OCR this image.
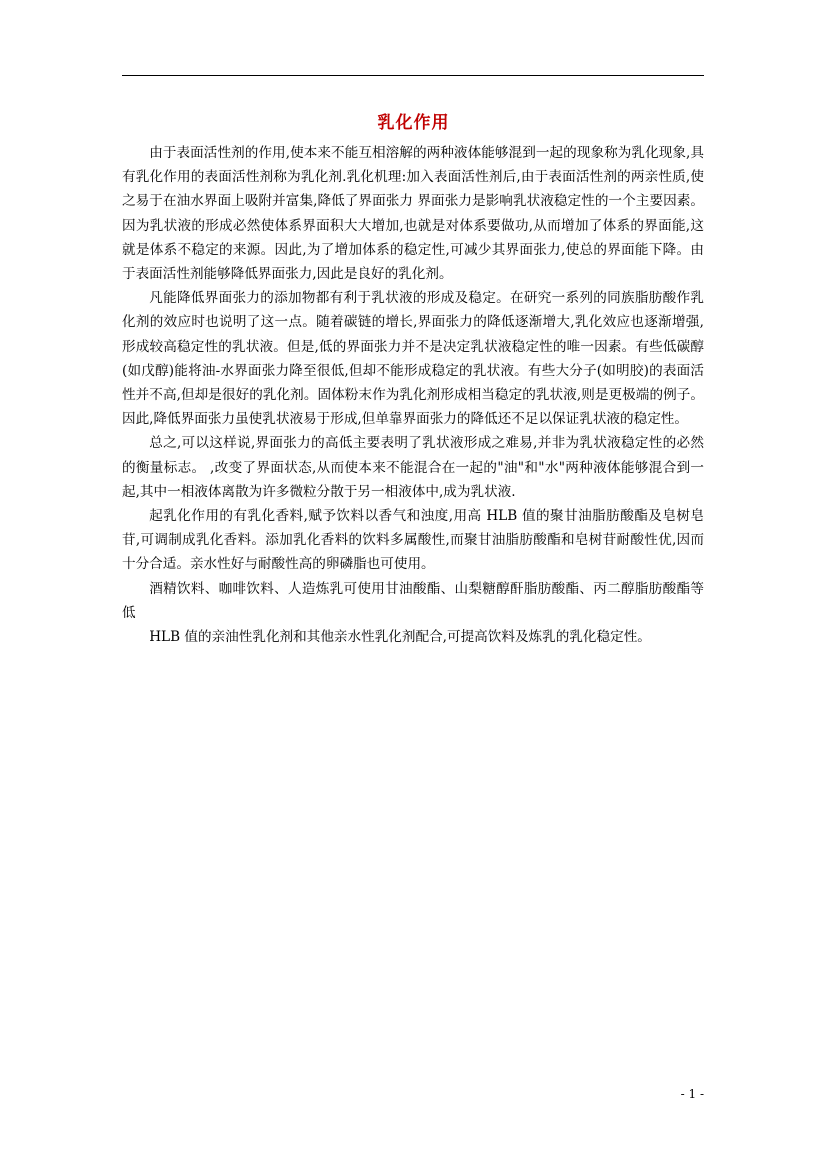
乳化作用

由于表面活性剂的作用,使本来不能互相溶解的两种液体能够混到一起的现象称为乳化现象,具有乳化作用的表面活性剂称为乳化剂.乳化机理:加入表面活性剂后,由于表面活性剂的两亲性质,使之易于在油水界面上吸附并富集,降低了界面张力 界面张力是影响乳状液稳定性的一个主要因素。因为乳状液的形成必然使体系界面积大大增加,也就是对体系要做功,从而增加了体系的界面能,这就是体系不稳定的来源。因此,为了增加体系的稳定性,可减少其界面张力,使总的界面能下降。由于表面活性剂能够降低界面张力,因此是良好的乳化剂。

凡能降低界面张力的添加物都有利于乳状液的形成及稳定。在研究一系列的同族脂肪酸作乳化剂的效应时也说明了这一点。随着碳链的增长,界面张力的降低逐渐增大,乳化效应也逐渐增强,形成较高稳定性的乳状液。但是,低的界面张力并不是决定乳状液稳定性的唯一因素。有些低碳醇(如戊醇)能将油-水界面张力降至很低,但却不能形成稳定的乳状液。有些大分子(如明胶)的表面活性并不高,但却是很好的乳化剂。固体粉末作为乳化剂形成相当稳定的乳状液,则是更极端的例子。因此,降低界面张力虽使乳状液易于形成,但单靠界面张力的降低还不足以保证乳状液的稳定性。

总之,可以这样说,界面张力的高低主要表明了乳状液形成之难易,并非为乳状液稳定性的必然的衡量标志。 ,改变了界面状态,从而使本来不能混合在一起的"油"和"水"两种液体能够混合到一起,其中一相液体离散为许多微粒分散于另一相液体中,成为乳状液.

起乳化作用的有乳化香料,赋予饮料以香气和浊度,用高 HLB 值的聚甘油脂肪酸酯及皂树皂苷,可调制成乳化香料。添加乳化香料的饮料多属酸性,而聚甘油脂肪酸酯和皂树苷耐酸性优,因而十分合适。亲水性好与耐酸性高的卵磷脂也可使用。

酒精饮料、咖啡饮料、人造炼乳可使用甘油酸酯、山梨糖醇酐脂肪酸酯、丙二醇脂肪酸酯等低

HLB 值的亲油性乳化剂和其他亲水性乳化剂配合,可提高饮料及炼乳的乳化稳定性。

- 1 -
